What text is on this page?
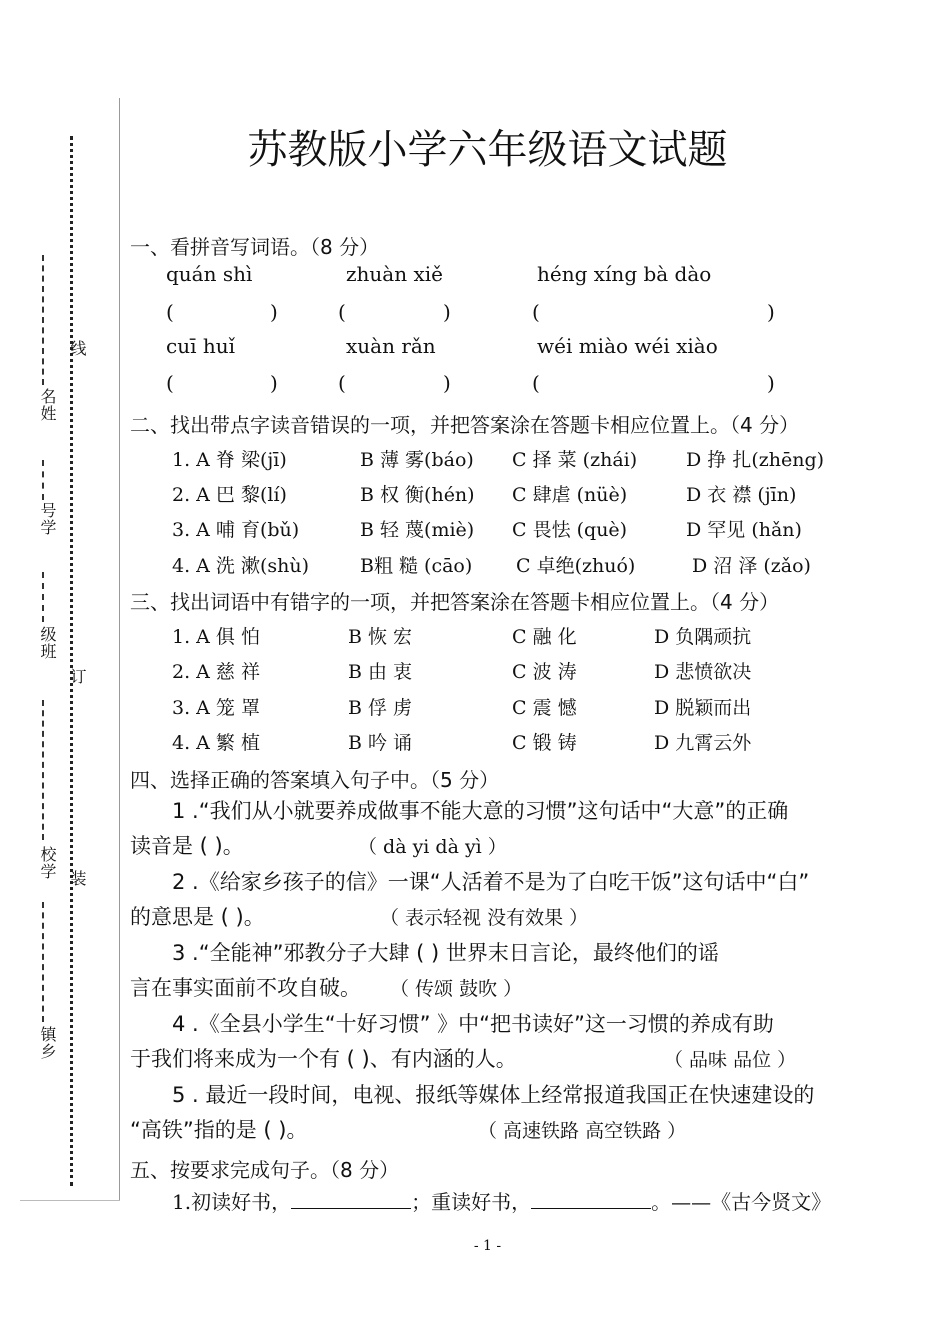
线
订
装
名姓
号学
级班
校学
镇乡
苏教版小学六年级语文试题
一、看拼音写词语。（8 分）
quán shì	zhuàn xiě	héng xíng bà dào
(	)	(	)	(	)
cuī huǐ	xuàn rǎn	wéi miào wéi xiào
(	)	(	)	(	)
二、找出带点字读音错误的一项，并把答案涂在答题卡相应位置上。（4 分）
1. A 脊 梁(jī)	B 薄 雾(báo) C 择 菜 (zhái)	D 挣 扎(zhēng)
2. A 巴 黎(lí)	B 权 衡(hén) C 肆虐 (nüè)	D 衣 襟 (jīn)
3. A 哺 育(bǔ)	B 轻 蔑(miè) C 畏怯 (què)	D 罕见 (hǎn)
4. A 洗 漱(shù)	B粗 糙 (cāo) C 卓绝(zhuó)	D 沼 泽 (zǎo)
三、找出词语中有错字的一项，并把答案涂在答题卡相应位置上。（4 分）
1. A 俱 怕	B 恢 宏	C 融 化	D 负隅顽抗
2. A 慈 祥	B 由 衷	C 波 涛	D 悲愤欲决
3. A 笼 罩	B 俘 虏	C 震 憾	D 脱颖而出
4. A 繁 植	B 吟 诵	C 锻 铸	D 九霄云外
四、选择正确的答案填入句子中。（5 分）
1 .“我们从小就要养成做事不能大意的习惯”这句话中“大意”的正确
读音是 ( )。	（ dà yi dà yì ）
2 .《给家乡孩子的信》一课“人活着不是为了白吃干饭”这句话中“白”
的意思是 ( )。	（ 表示轻视 没有效果 ）
3 .“全能神”邪教分子大肆 ( ) 世界末日言论，最终他们的谣
言在事实面前不攻自破。 （ 传颂 鼓吹 ）
4 .《全县小学生“十好习惯” 》中“把书读好”这一习惯的养成有助
于我们将来成为一个有 ( )、有内涵的人。	（ 品味 品位 ）
5 . 最近一段时间，电视、报纸等媒体上经常报道我国正在快速建设的
“高铁”指的是 ( )。	（ 高速铁路 高空铁路 ）
五、按要求完成句子。（8 分）
1.初读好书，	；重读好书，	。——《古今贤文》
- 1 -
